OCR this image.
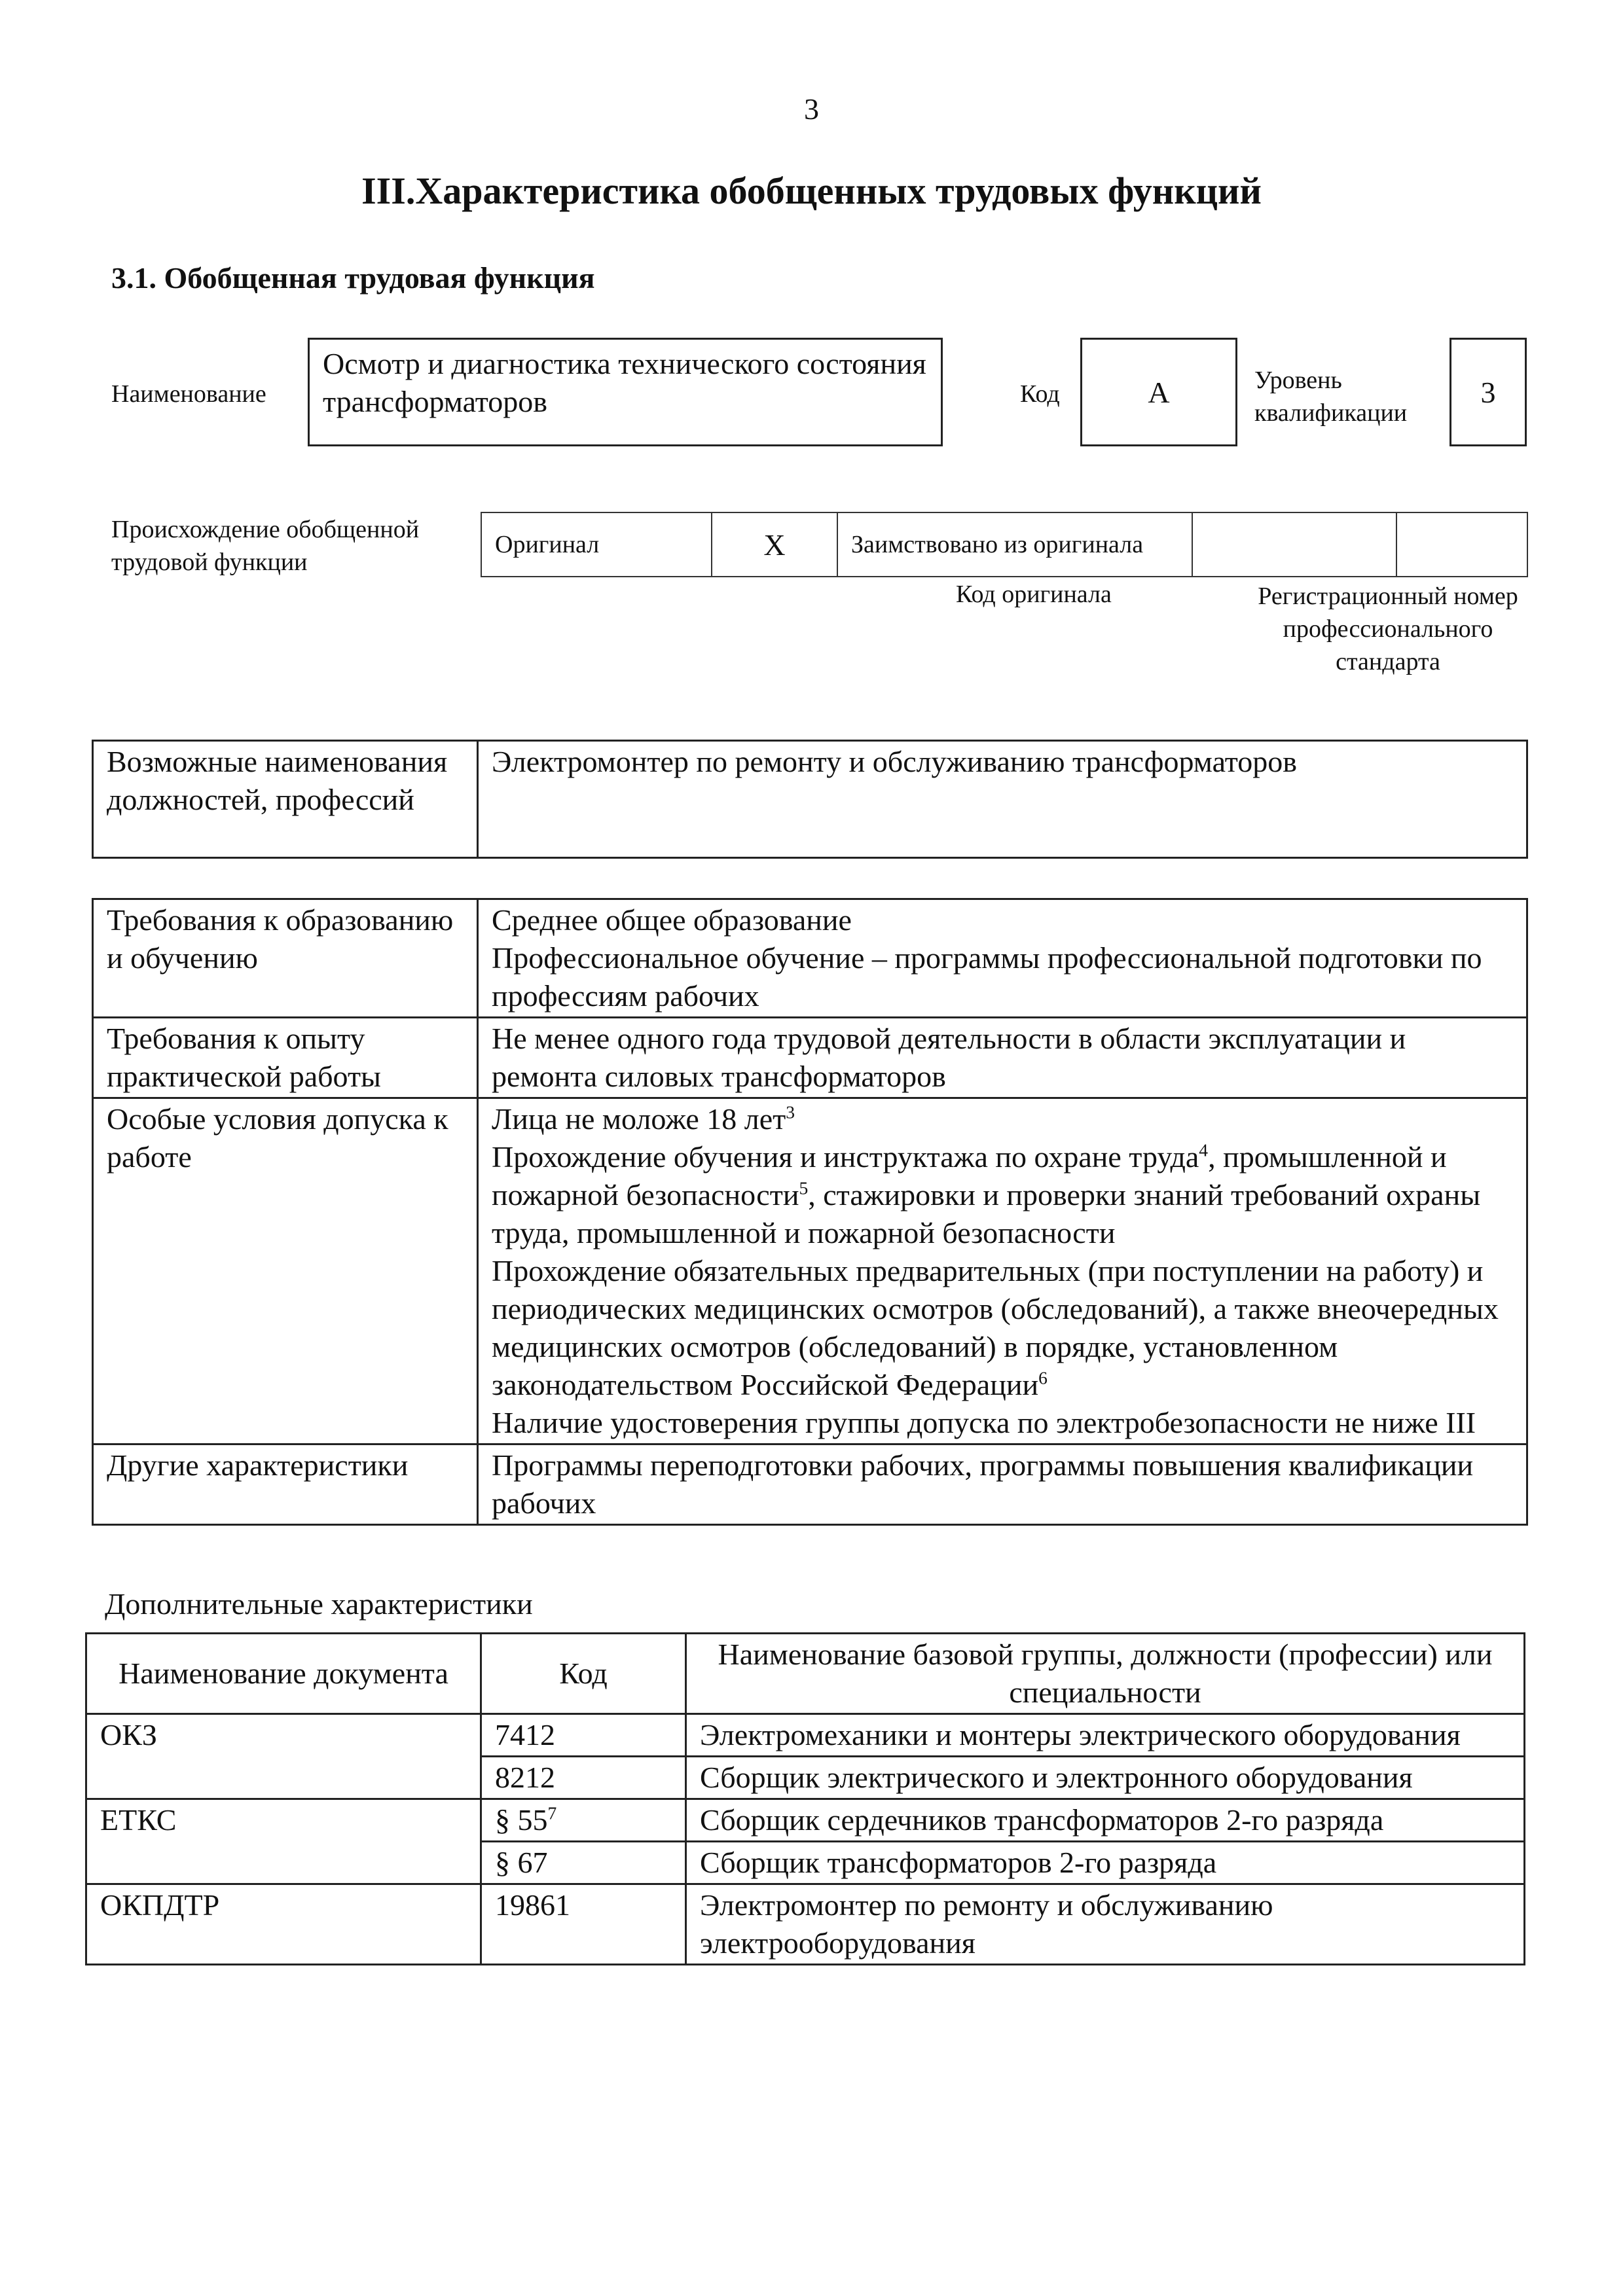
3
III.Характеристика обобщенных трудовых функций
3.1. Обобщенная трудовая функция
Наименование
Осмотр и диагностика технического состояния трансформаторов	Код	А	Уровень
квалификации
3
Происхождение обобщенной
трудовой функции
Оригинал	X	Заимствовано из оригинала		
Код оригинала	Регистрационный номер профессионального стандарта
Возможные наименования должностей, профессий	Электромонтер по ремонту и обслуживанию трансформаторов
Требования к образованию и обучению	Среднее общее образование
Профессиональное обучение – программы профессиональной подготовки по профессиям рабочих

Требования к опыту практической работы	Не менее одного года трудовой деятельности в области эксплуатации и ремонта силовых трансформаторов
Особые условия допуска к работе	Лица не моложе 18 лет$^3$
Прохождение обучения и инструктажа по охране труда$^4$, промышленной и пожарной безопасности$^5$, стажировки и проверки знаний требований охраны труда, промышленной и пожарной безопасности
Прохождение обязательных предварительных (при поступлении на работу) и периодических медицинских осмотров (обследований), а также внеочередных медицинских осмотров (обследований) в порядке, установленном законодательством Российской Федерации$^6$
Наличие удостоверения группы допуска по электробезопасности не ниже III

Другие характеристики	Программы переподготовки рабочих, программы повышения квалификации рабочих
Дополнительные характеристики
Наименование документа	Код	Наименование базовой группы, должности (профессии) или специальности
ОКЗ	7412	Электромеханики и монтеры электрического оборудования
	8212	Сборщик электрического и электронного оборудования
ЕТКС	§ $55^7$	Сборщик сердечников трансформаторов 2-го разряда
	§ 67	Сборщик трансформаторов 2-го разряда
ОКПДТР	19861	Электромонтер по ремонту и обслуживанию электрооборудования
